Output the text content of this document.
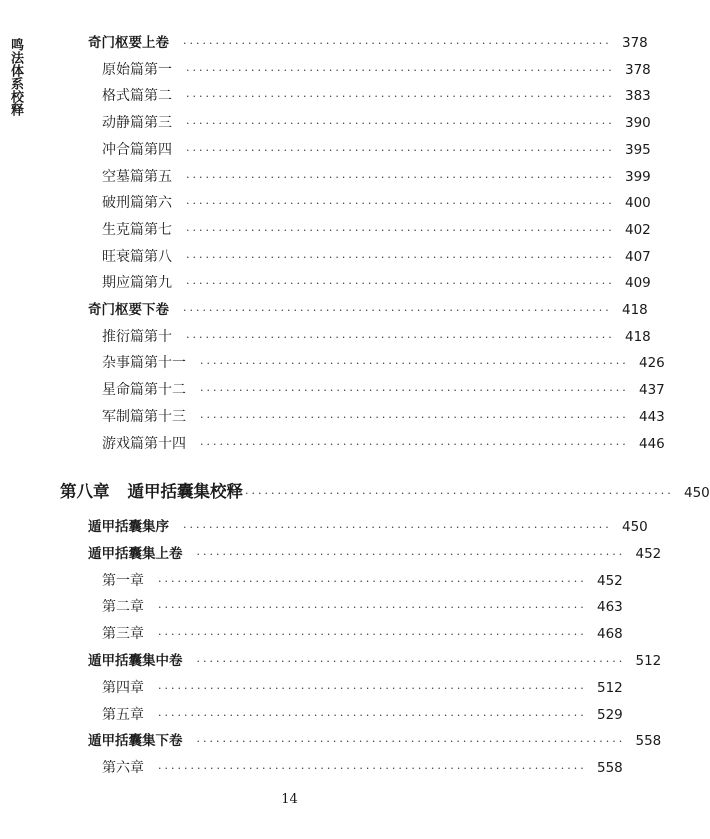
鸣法体系校释	奇门枢要上卷 ·································································· 378
原始篇第一 ·································································· 378
格式篇第二 ·································································· 383
动静篇第三 ·································································· 390
冲合篇第四 ·································································· 395
空墓篇第五 ·································································· 399
破刑篇第六 ·································································· 400
生克篇第七 ·································································· 402
旺衰篇第八 ·································································· 407
期应篇第九 ·································································· 409
奇门枢要下卷 ·································································· 418
推衍篇第十 ·································································· 418
杂事篇第十一 ·································································· 426
星命篇第十二 ·································································· 437
军制篇第十三 ·································································· 443
游戏篇第十四 ·································································· 446
第八章 遁甲括囊集校释 ·································································· 450
遁甲括囊集序 ·································································· 450
遁甲括囊集上卷 ·································································· 452
第一章 ·································································· 452
第二章 ·································································· 463
第三章 ·································································· 468
遁甲括囊集中卷 ·································································· 512
第四章 ·································································· 512
第五章 ·································································· 529
遁甲括囊集下卷 ·································································· 558
第六章 ·································································· 558
14
